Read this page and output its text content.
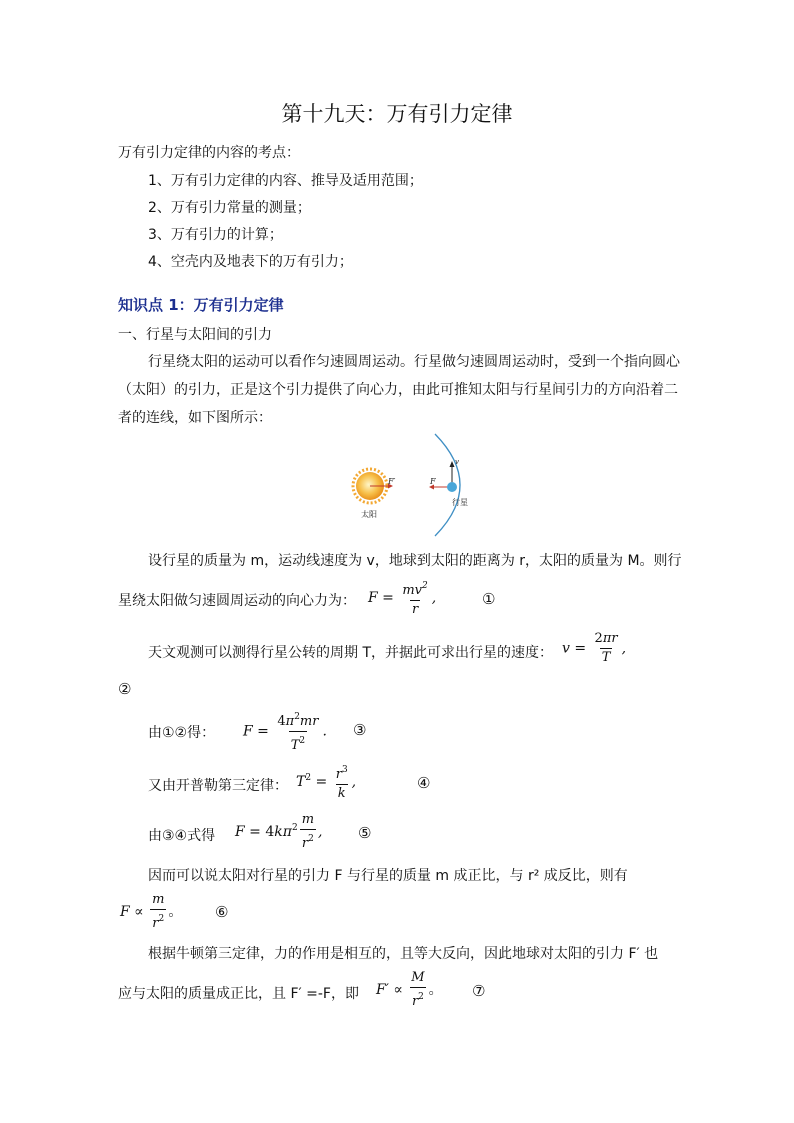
第十九天：万有引力定律
万有引力定律的内容的考点：
1、万有引力定律的内容、推导及适用范围；
2、万有引力常量的测量；
3、万有引力的计算；
4、空壳内及地表下的万有引力；
知识点 1：万有引力定律
一、行星与太阳间的引力
行星绕太阳的运动可以看作匀速圆周运动。行星做匀速圆周运动时，受到一个指向圆心
（太阳）的引力，正是这个引力提供了向心力，由此可推知太阳与行星间引力的方向沿着二
者的连线，如下图所示：
F′	F
v
太阳
行星
设行星的质量为 m，运动线速度为 v，地球到太阳的距离为 r，太阳的质量为 M。则行
星绕太阳做匀速圆周运动的向心力为： $F = \frac{mv^2}{r}$ ,	①
天文观测可以测得行星公转的周期 T，并据此可求出行星的速度： $v = \frac{2\pi r}{T}$ ,
②
由①②得： $F = \frac{4\pi^2mr}{T^2}$ . ③
又由开普勒第三定律： $T^2 = \frac{r^3}{k}$ ,	④
由③④式得 $F = 4k\pi^2 \frac{m}{r^2}$ , ⑤
因而可以说太阳对行星的引力 F 与行星的质量 m 成正比，与 r² 成反比，则有
$F \propto \frac{m}{r^2}$ 。 ⑥
根据牛顿第三定律，力的作用是相互的，且等大反向，因此地球对太阳的引力 F′ 也
应与太阳的质量成正比，且 F′ =-F，即 $F' \propto \frac{M}{r^2}$ 。 ⑦
